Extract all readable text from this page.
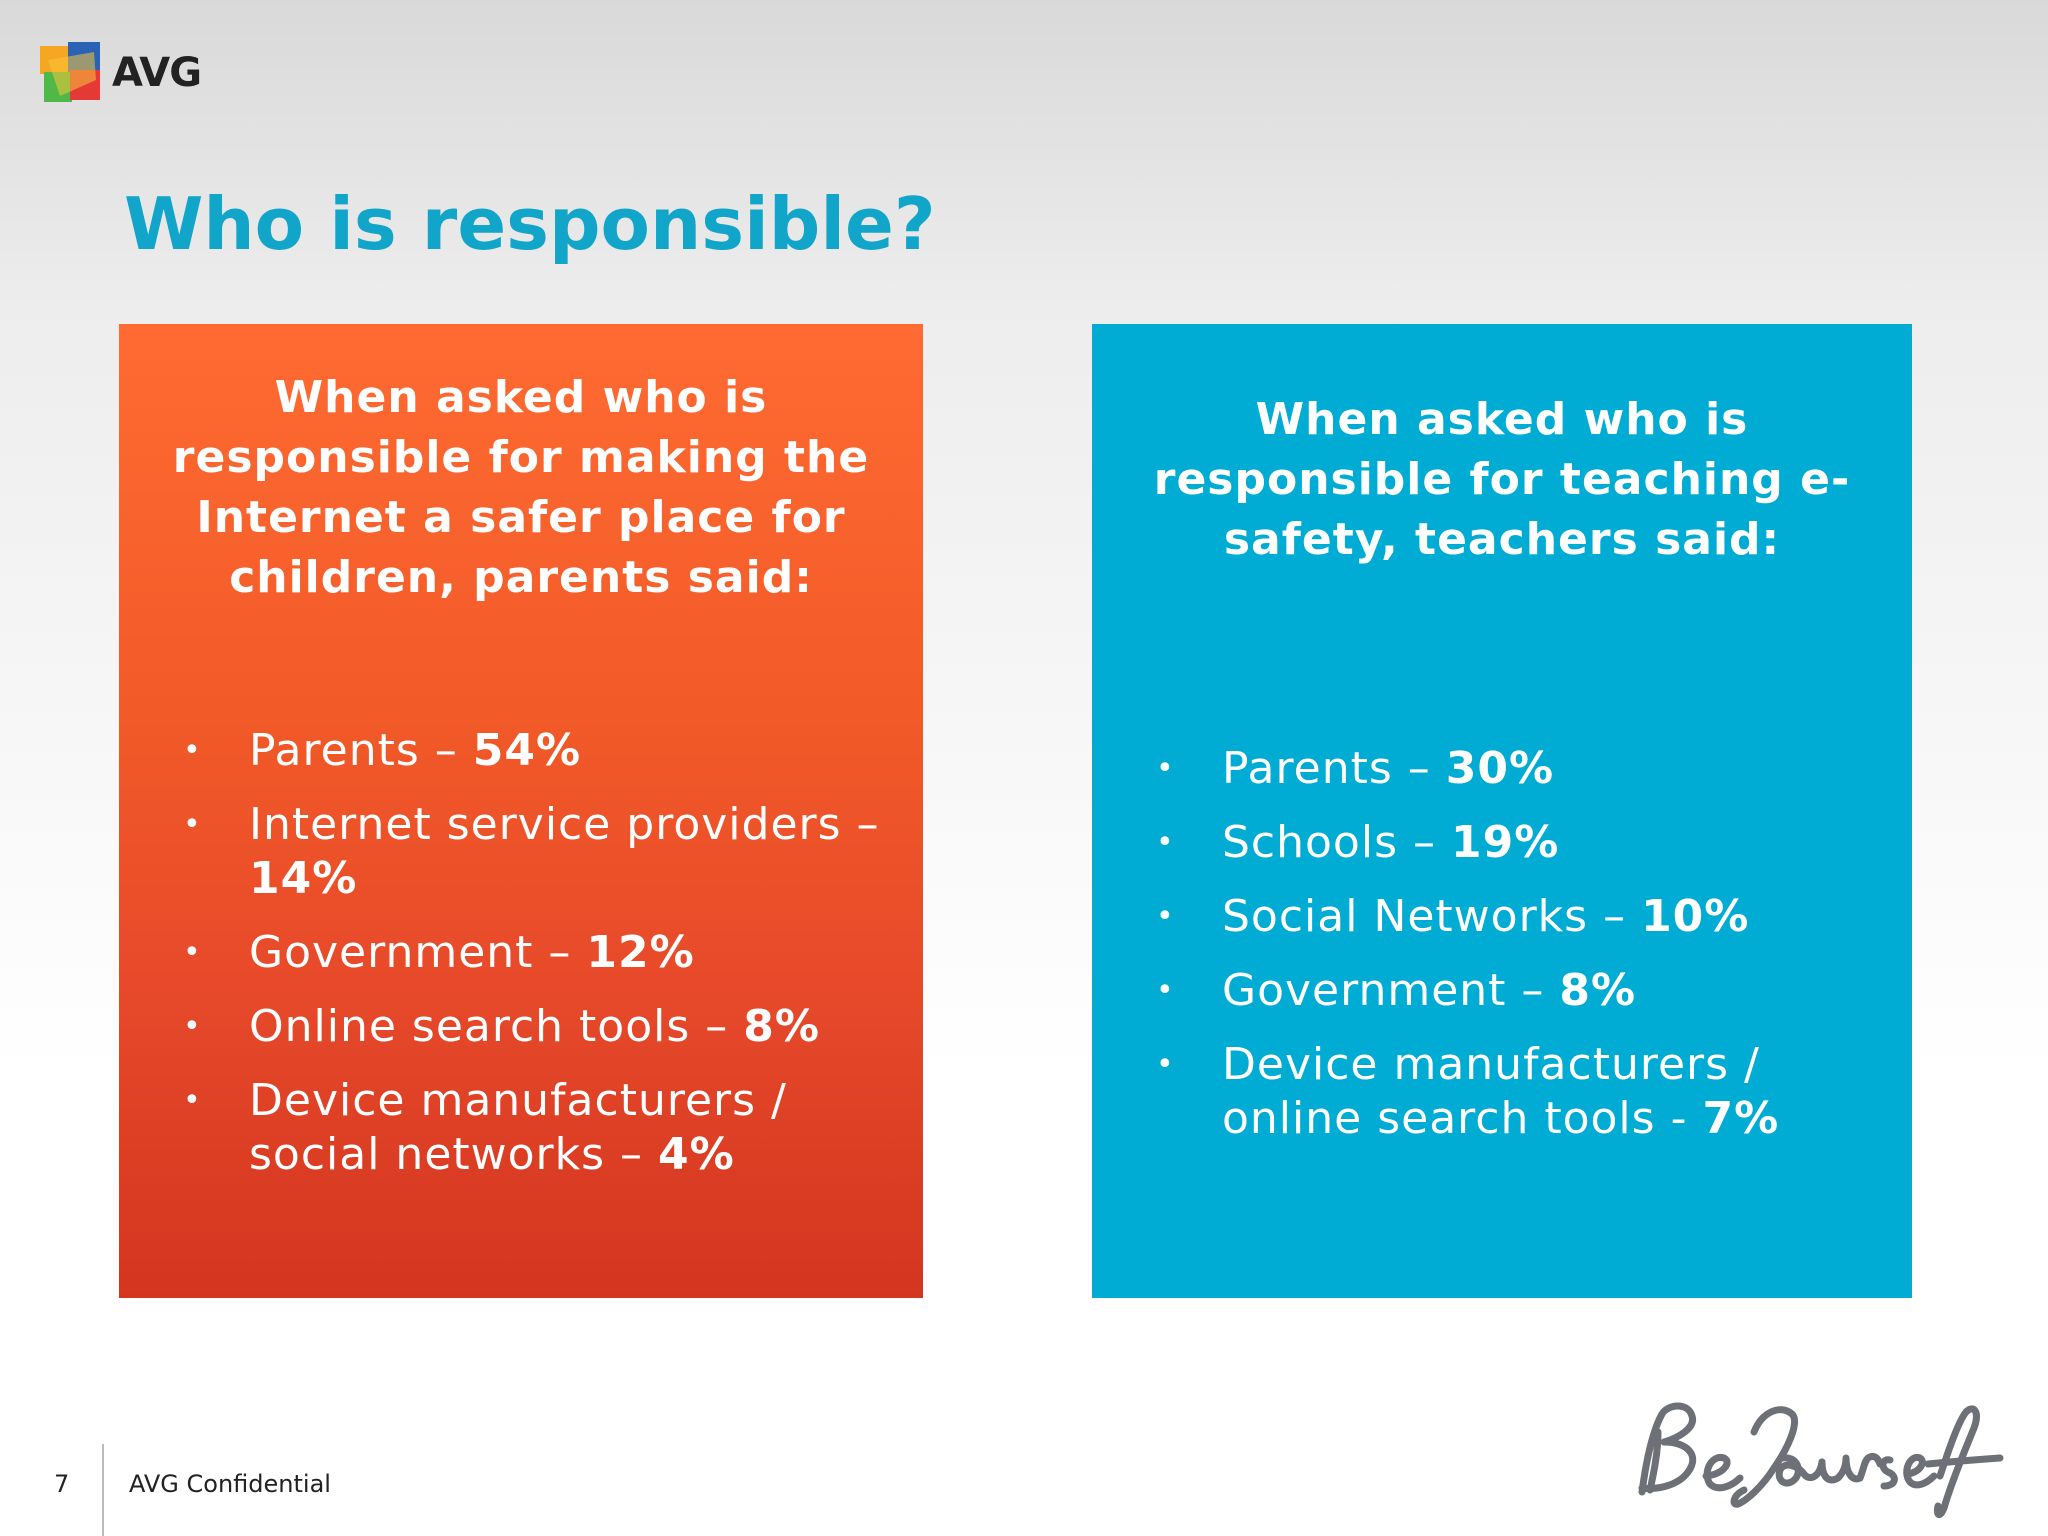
AVG
Who is responsible?

When asked who is responsible for making the Internet a safer place for children, parents said:

• Parents – 54%
• Internet service providers – 14%
• Government – 12%
• Online search tools – 8%
• Device manufacturers / social networks – 4%

When asked who is responsible for teaching e-safety, teachers said:

• Parents – 30%
• Schools – 19%
• Social Networks – 10%
• Government – 8%
• Device manufacturers / online search tools - 7%
7 AVG Confidential
